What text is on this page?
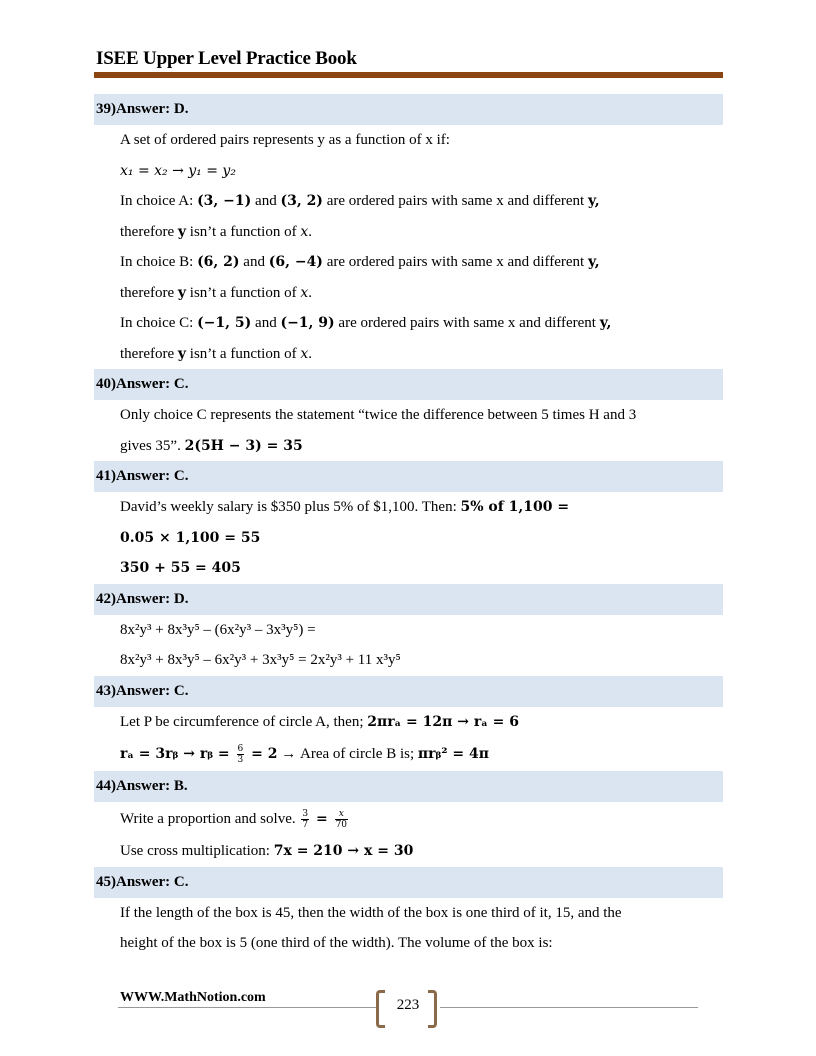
ISEE Upper Level Practice Book
39)Answer: D.
A set of ordered pairs represents y as a function of x if:
x₁ = x₂ → y₁ = y₂
In choice A: (3, −1) and (3, 2) are ordered pairs with same x and different y,
therefore y isn’t a function of x.
In choice B: (6, 2) and (6, −4) are ordered pairs with same x and different y,
therefore y isn’t a function of x.
In choice C: (−1, 5) and (−1, 9) are ordered pairs with same x and different y,
therefore y isn’t a function of x.
40)Answer: C.
Only choice C represents the statement “twice the difference between 5 times H and 3
gives 35”. 2(5H − 3) = 35
41)Answer: C.
David’s weekly salary is $350 plus 5% of $1,100. Then: 5% of 1,100 =
0.05 × 1,100 = 55
350 + 55 = 405
42)Answer: D.
8x²y³ + 8x³y⁵ – (6x²y³ – 3x³y⁵) =
8x²y³ + 8x³y⁵ – 6x²y³ + 3x³y⁵ = 2x²y³ + 11 x³y⁵
43)Answer: C.
Let P be circumference of circle A, then; 2πrₐ = 12π → rₐ = 6
rₐ = 3rᵦ → rᵦ = $\frac{6}{3} = 2$ → Area of circle B is; πrᵦ² = 4π
44)Answer: B.
Write a proportion and solve. $\frac{3}{7} = \frac{x}{70}$
Use cross multiplication: 7x = 210 → x = 30
45)Answer: C.
If the length of the box is 45, then the width of the box is one third of it, 15, and the
height of the box is 5 (one third of the width). The volume of the box is:
WWW.MathNotion.com	223
